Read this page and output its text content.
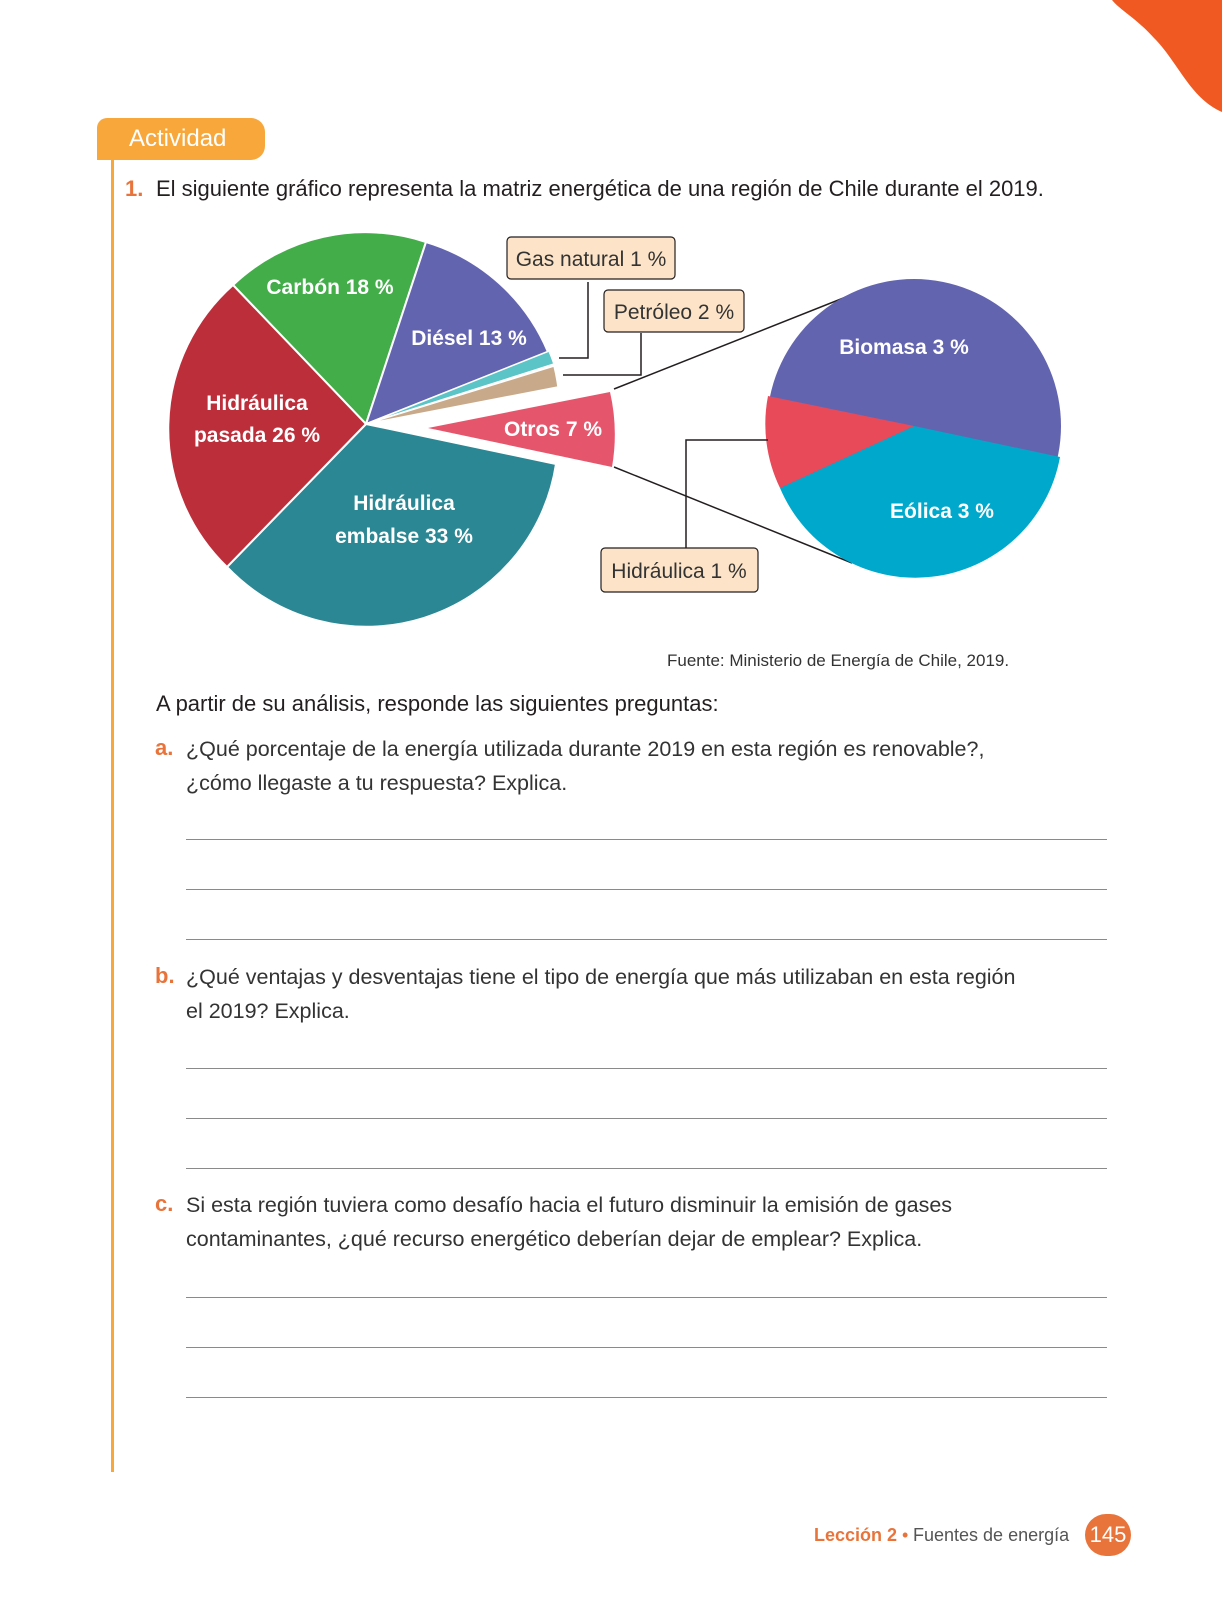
Actividad
1. El siguiente gráfico representa la matriz energética de una región de Chile durante el 2019.
Carbón 18 %
Diésel 13 %
Hidráulica
pasada 26 %
Hidráulica
embalse 33 %
Otros 7 %
Biomasa 3 %
Eólica 3 %
Gas natural 1 %
Petróleo 2 %
Hidráulica 1 %
Fuente: Ministerio de Energía de Chile, 2019.
A partir de su análisis, responde las siguientes preguntas:
a. ¿Qué porcentaje de la energía utilizada durante 2019 en esta región es renovable?,
¿cómo llegaste a tu respuesta? Explica.
b. ¿Qué ventajas y desventajas tiene el tipo de energía que más utilizaban en esta región
el 2019? Explica.
c. Si esta región tuviera como desafío hacia el futuro disminuir la emisión de gases
contaminantes, ¿qué recurso energético deberían dejar de emplear? Explica.
Lección 2 • Fuentes de energía 145
